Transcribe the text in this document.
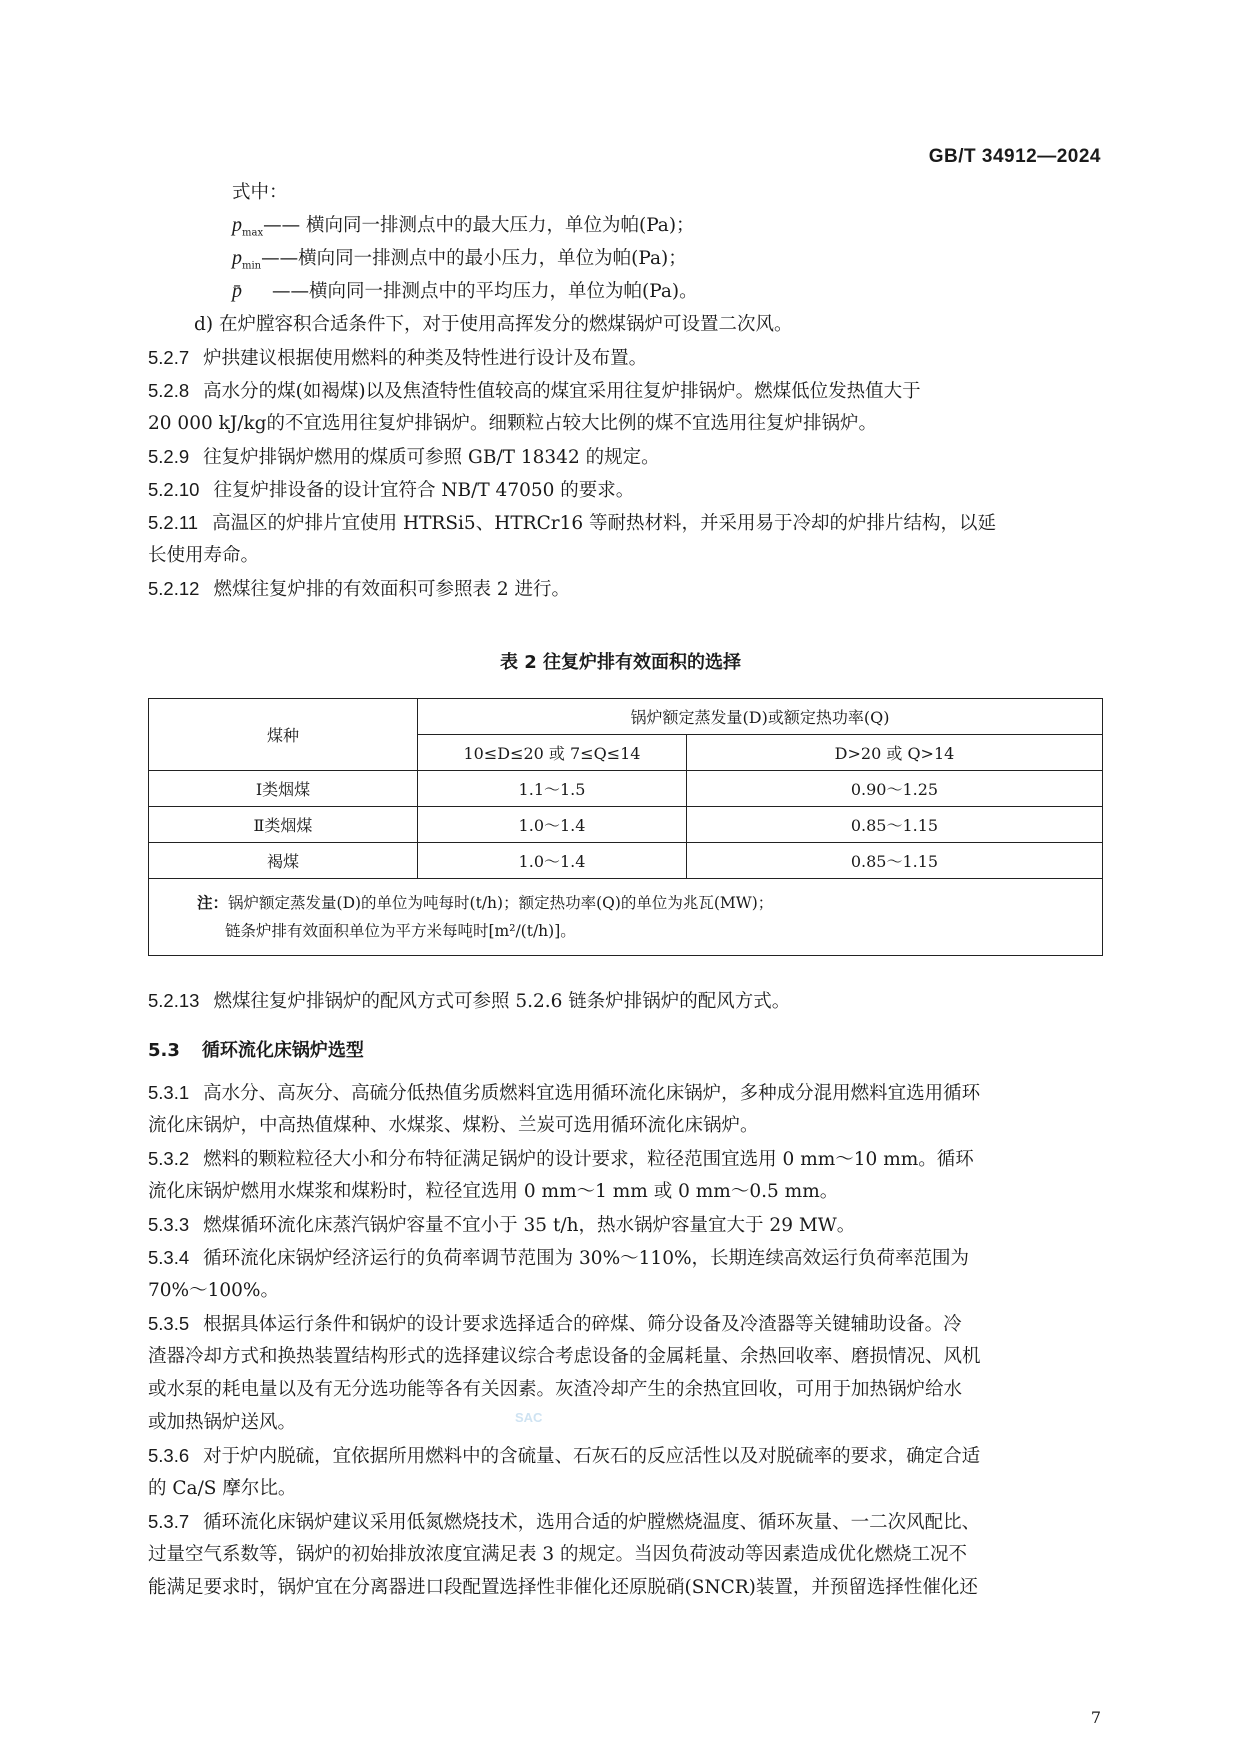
GB/T 34912—2024
式中：
$p_{max}——$ 横向同一排测点中的最大压力，单位为帕(Pa)；
$p_{min}——$横向同一排测点中的最小压力，单位为帕(Pa)；
p̄ ——横向同一排测点中的平均压力，单位为帕(Pa)。
d) 在炉膛容积合适条件下，对于使用高挥发分的燃煤锅炉可设置二次风。
5.2.7 炉拱建议根据使用燃料的种类及特性进行设计及布置。
5.2.8 高水分的煤(如褐煤)以及焦渣特性值较高的煤宜采用往复炉排锅炉。燃煤低位发热值大于
20 000 kJ/kg的不宜选用往复炉排锅炉。细颗粒占较大比例的煤不宜选用往复炉排锅炉。
5.2.9 往复炉排锅炉燃用的煤质可参照 GB/T 18342 的规定。
5.2.10 往复炉排设备的设计宜符合 NB/T 47050 的要求。
5.2.11 高温区的炉排片宜使用 HTRSi5、HTRCr16 等耐热材料，并采用易于冷却的炉排片结构，以延
长使用寿命。
5.2.12 燃煤往复炉排的有效面积可参照表 2 进行。
表 2 往复炉排有效面积的选择
煤种	锅炉额定蒸发量(D)或额定热功率(Q)	
	10≤D≤20 或 7≤Q≤14	D>20 或 Q>14
Ⅰ类烟煤	1.1～1.5	0.90～1.25
Ⅱ类烟煤	1.0～1.4	0.85～1.15
褐煤	1.0～1.4	0.85～1.15
注：锅炉额定蒸发量(D)的单位为吨每时(t/h)；额定热功率(Q)的单位为兆瓦(MW)；
链条炉排有效面积单位为平方米每吨时[m²/(t/h)]。		
5.2.13 燃煤往复炉排锅炉的配风方式可参照 5.2.6 链条炉排锅炉的配风方式。
5.3 循环流化床锅炉选型
5.3.1 高水分、高灰分、高硫分低热值劣质燃料宜选用循环流化床锅炉，多种成分混用燃料宜选用循环
流化床锅炉，中高热值煤种、水煤浆、煤粉、兰炭可选用循环流化床锅炉。
5.3.2 燃料的颗粒粒径大小和分布特征满足锅炉的设计要求，粒径范围宜选用 0 mm～10 mm。循环
流化床锅炉燃用水煤浆和煤粉时，粒径宜选用 0 mm～1 mm 或 0 mm～0.5 mm。
5.3.3 燃煤循环流化床蒸汽锅炉容量不宜小于 35 t/h，热水锅炉容量宜大于 29 MW。
5.3.4 循环流化床锅炉经济运行的负荷率调节范围为 30%～110%，长期连续高效运行负荷率范围为
70%～100%。
5.3.5 根据具体运行条件和锅炉的设计要求选择适合的碎煤、筛分设备及冷渣器等关键辅助设备。冷
渣器冷却方式和换热装置结构形式的选择建议综合考虑设备的金属耗量、余热回收率、磨损情况、风机
或水泵的耗电量以及有无分选功能等各有关因素。灰渣冷却产生的余热宜回收，可用于加热锅炉给水
或加热锅炉送风。
5.3.6 对于炉内脱硫，宜依据所用燃料中的含硫量、石灰石的反应活性以及对脱硫率的要求，确定合适
的 Ca/S 摩尔比。
5.3.7 循环流化床锅炉建议采用低氮燃烧技术，选用合适的炉膛燃烧温度、循环灰量、一二次风配比、
过量空气系数等，锅炉的初始排放浓度宜满足表 3 的规定。当因负荷波动等因素造成优化燃烧工况不
能满足要求时，锅炉宜在分离器进口段配置选择性非催化还原脱硝(SNCR)装置，并预留选择性催化还
SAC
7
